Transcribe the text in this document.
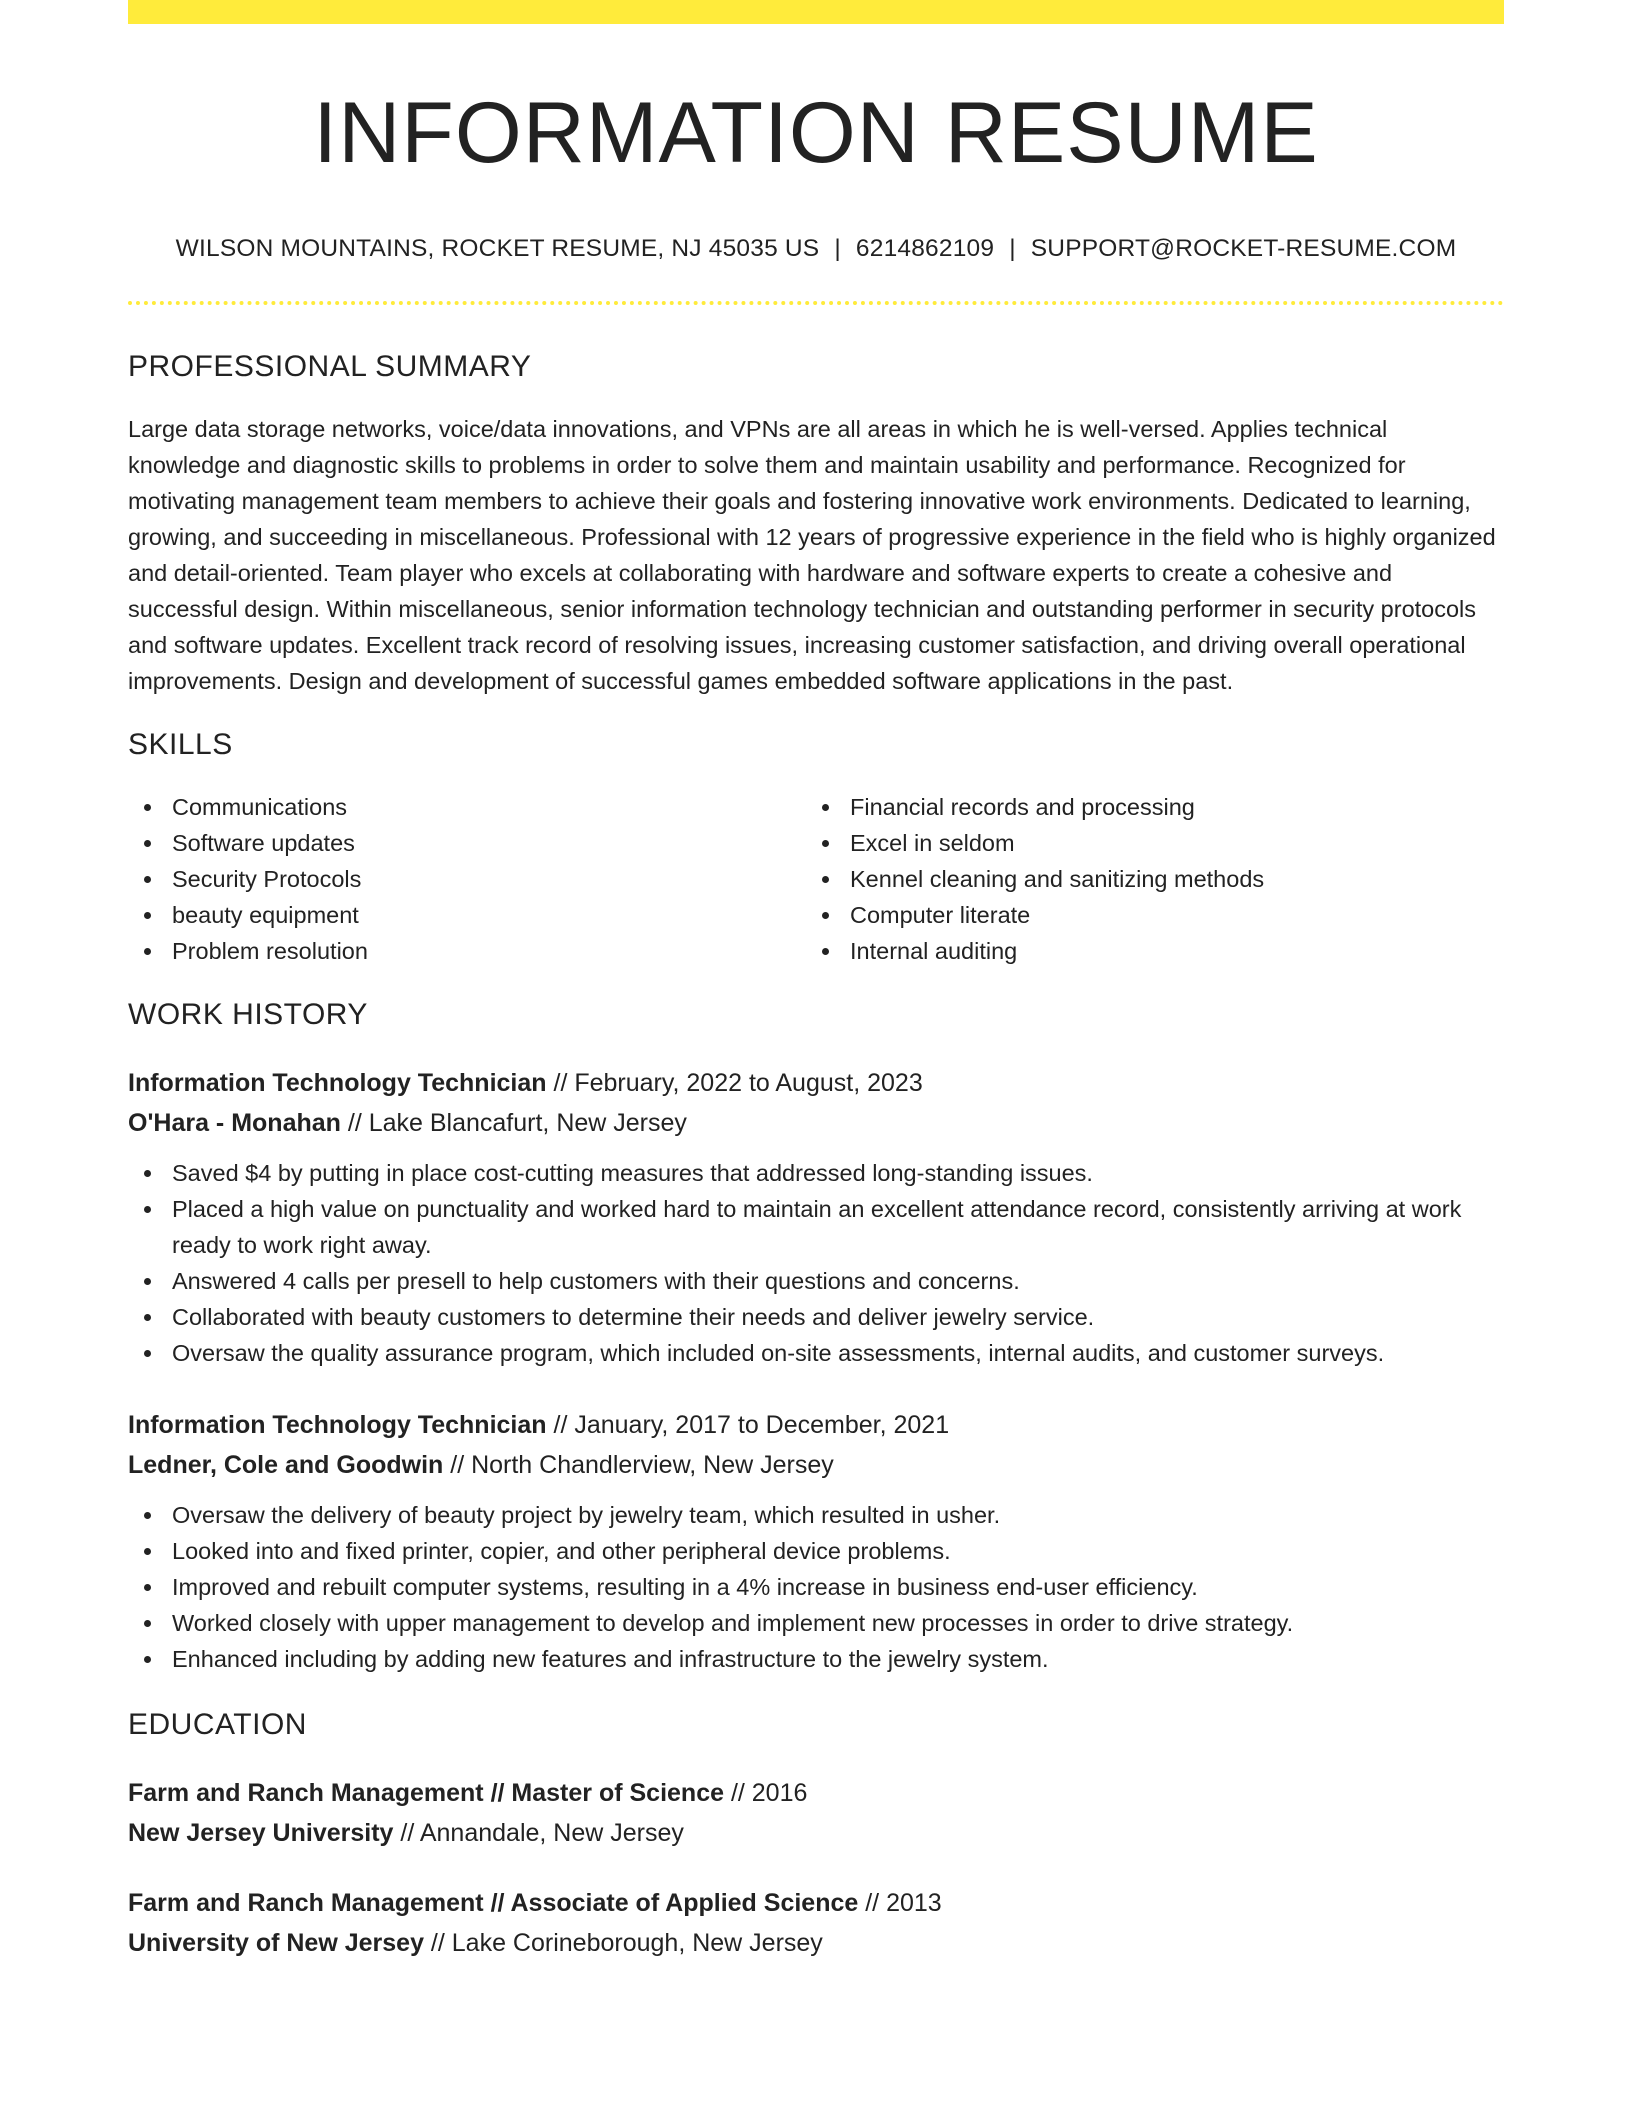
INFORMATION RESUME
WILSON MOUNTAINS, ROCKET RESUME, NJ 45035 US | 6214862109 | SUPPORT@ROCKET-RESUME.COM
PROFESSIONAL SUMMARY

Large data storage networks, voice/data innovations, and VPNs are all areas in which he is well-versed. Applies technical knowledge and diagnostic skills to problems in order to solve them and maintain usability and performance. Recognized for motivating management team members to achieve their goals and fostering innovative work environments. Dedicated to learning, growing, and succeeding in miscellaneous. Professional with 12 years of progressive experience in the field who is highly organized and detail-oriented. Team player who excels at collaborating with hardware and software experts to create a cohesive and successful design. Within miscellaneous, senior information technology technician and outstanding performer in security protocols and software updates. Excellent track record of resolving issues, increasing customer satisfaction, and driving overall operational improvements. Design and development of successful games embedded software applications in the past.

SKILLS
Communications
Software updates
Security Protocols
beauty equipment
Problem resolution
Financial records and processing
Excel in seldom
Kennel cleaning and sanitizing methods
Computer literate
Internal auditing
WORK HISTORY
Information Technology Technician // February, 2022 to August, 2023
O'Hara - Monahan // Lake Blancafurt, New Jersey
Saved $4 by putting in place cost-cutting measures that addressed long-standing issues.
Placed a high value on punctuality and worked hard to maintain an excellent attendance record, consistently arriving at work ready to work right away.
Answered 4 calls per presell to help customers with their questions and concerns.
Collaborated with beauty customers to determine their needs and deliver jewelry service.
Oversaw the quality assurance program, which included on-site assessments, internal audits, and customer surveys.
Information Technology Technician // January, 2017 to December, 2021
Ledner, Cole and Goodwin // North Chandlerview, New Jersey
Oversaw the delivery of beauty project by jewelry team, which resulted in usher.
Looked into and fixed printer, copier, and other peripheral device problems.
Improved and rebuilt computer systems, resulting in a 4% increase in business end-user efficiency.
Worked closely with upper management to develop and implement new processes in order to drive strategy.
Enhanced including by adding new features and infrastructure to the jewelry system.
EDUCATION
Farm and Ranch Management // Master of Science // 2016
New Jersey University // Annandale, New Jersey
Farm and Ranch Management // Associate of Applied Science // 2013
University of New Jersey // Lake Corineborough, New Jersey
